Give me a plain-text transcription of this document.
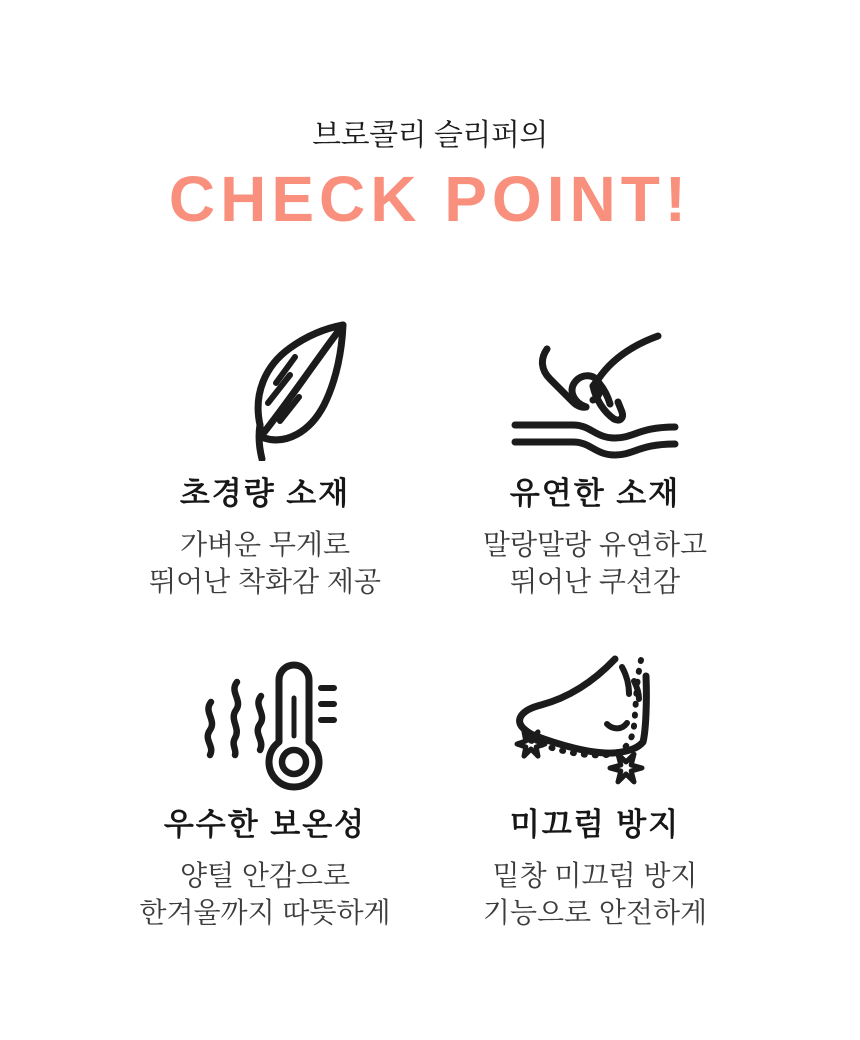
브로콜리 슬리퍼의
CHECK POINT!
초경량 소재
가벼운 무게로
뛰어난 착화감 제공
유연한 소재
말랑말랑 유연하고
뛰어난 쿠션감
우수한 보온성
양털 안감으로
한겨울까지 따뜻하게
미끄럼 방지
밑창 미끄럼 방지
기능으로 안전하게
